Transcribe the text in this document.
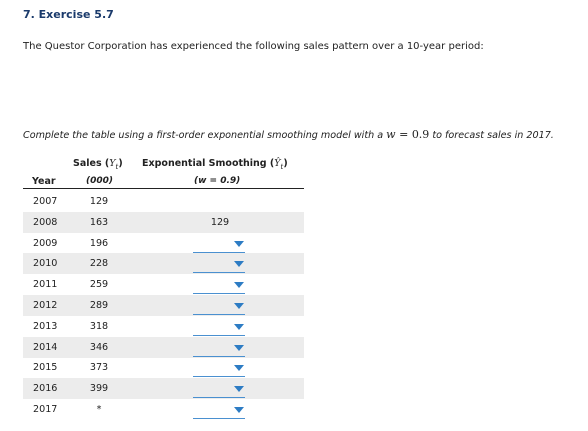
7. Exercise 5.7
The Questor Corporation has experienced the following sales pattern over a 10-year period:
Complete the table using a first-order exponential smoothing model with a w = 0.9 to forecast sales in 2017.
Sales $(Y_t)$ Exponential Smoothing $(Ŷ_t)$
Year	(000)	(w = 0.9)
2007	129
2008	163	129
2009	196
2010	228
2011	259
2012	289
2013	318
2014	346
2015	373
2016	399
2017	*
